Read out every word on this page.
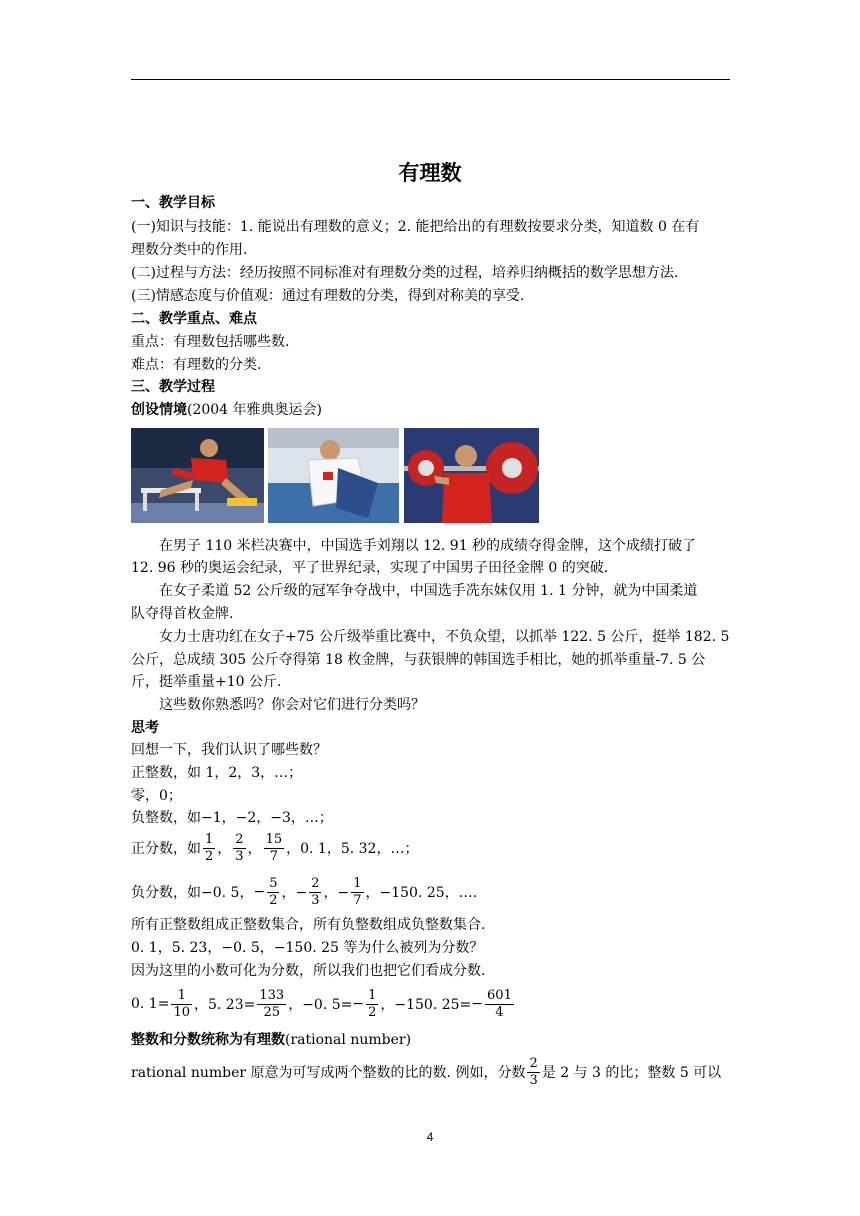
有理数
一、教学目标
(一)知识与技能：1. 能说出有理数的意义；2. 能把给出的有理数按要求分类，知道数 0 在有
理数分类中的作用.
(二)过程与方法：经历按照不同标准对有理数分类的过程，培养归纳概括的数学思想方法.
(三)情感态度与价值观：通过有理数的分类，得到对称美的享受.
二、教学重点、难点
重点：有理数包括哪些数.
难点：有理数的分类.
三、教学过程
创设情境(2004 年雅典奥运会)
在男子 110 米栏决赛中，中国选手刘翔以 12. 91 秒的成绩夺得金牌，这个成绩打破了
12. 96 秒的奥运会纪录，平了世界纪录，实现了中国男子田径金牌 0 的突破.
在女子柔道 52 公斤级的冠军争夺战中，中国选手冼东妹仅用 1. 1 分钟，就为中国柔道
队夺得首枚金牌.
女力士唐功红在女子+75 公斤级举重比赛中，不负众望，以抓举 122. 5 公斤，挺举 182. 5
公斤，总成绩 305 公斤夺得第 18 枚金牌，与获银牌的韩国选手相比，她的抓举重量-7. 5 公
斤，挺举重量+10 公斤.
这些数你熟悉吗？你会对它们进行分类吗？
思考
回想一下，我们认识了哪些数？
正整数，如 1，2，3，…；
零，0；
负整数，如−1，−2，−3，…；
正分数，如 $\frac{1}{2}$ ， $\frac{2}{3}$ ， $\frac{15}{7}$ ，0. 1，5. 32，…；
负分数，如−0. 5， − $\frac{5}{2}$ ，− $\frac{2}{3}$ ，− $\frac{1}{7}$ ，−150. 25，….
所有正整数组成正整数集合，所有负整数组成负整数集合.
0. 1，5. 23，−0. 5，−150. 25 等为什么被列为分数？
因为这里的小数可化为分数，所以我们也把它们看成分数.
0. $1= \frac{1}{10}$ ，5. $23= \frac{133}{25}$ ，−0. $5= - \frac{1}{2}$ ，−150. $25= - \frac{601}{4}$
整数和分数统称为有理数(rational number)
rational number 原意为可写成两个整数的比的数. 例如，分数 $\frac{2}{3}$ 是 2 与 3 的比；整数 5 可以
4
